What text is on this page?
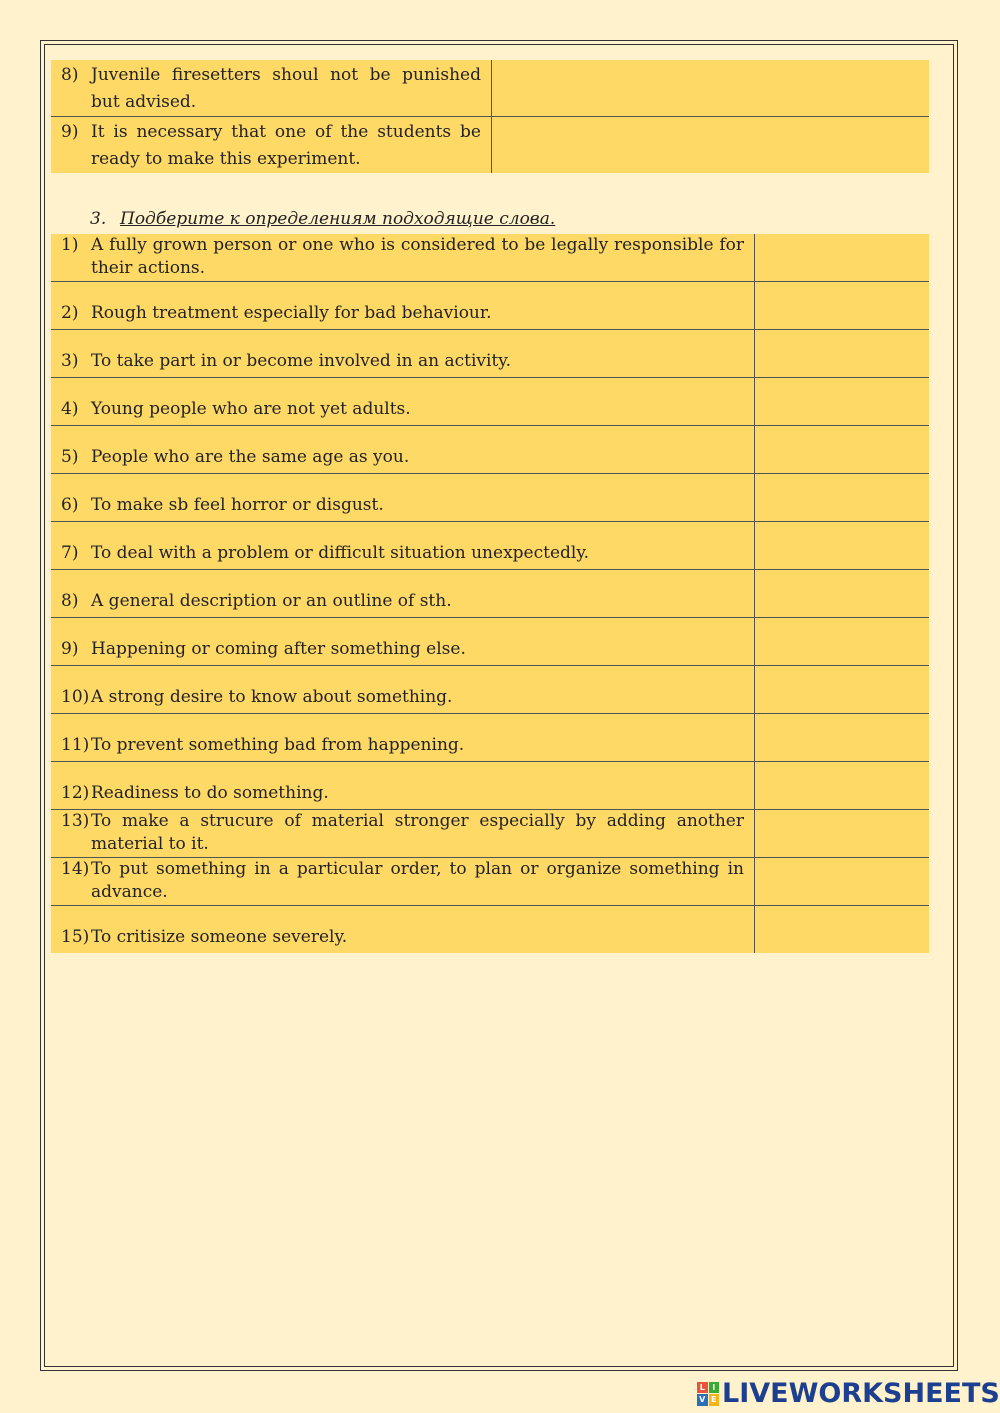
8) Juvenile firesetters shoul not be punished but advised.	

9) It is necessary that one of the students be ready to make this experiment.	

3. Подберите к определениям подходящие слова.
1) A fully grown person or one who is considered to be legally responsible for their actions.	

2) Rough treatment especially for bad behaviour.	

3) To take part in or become involved in an activity.	

4) Young people who are not yet adults.	

5) People who are the same age as you.	

6) To make sb feel horror or disgust.	

7) To deal with a problem or difficult situation unexpectedly.	

8) A general description or an outline of sth.	

9) Happening or coming after something else.	

10) A strong desire to know about something.	

11) To prevent something bad from happening.	

12) Readiness to do something.	

13) To make a strucure of material stronger especially by adding another material to it.	

14) To put something in a particular order, to plan or organize something in advance.	

15) To critisize someone severely.	

L I
V E LIVEWORKSHEETS
